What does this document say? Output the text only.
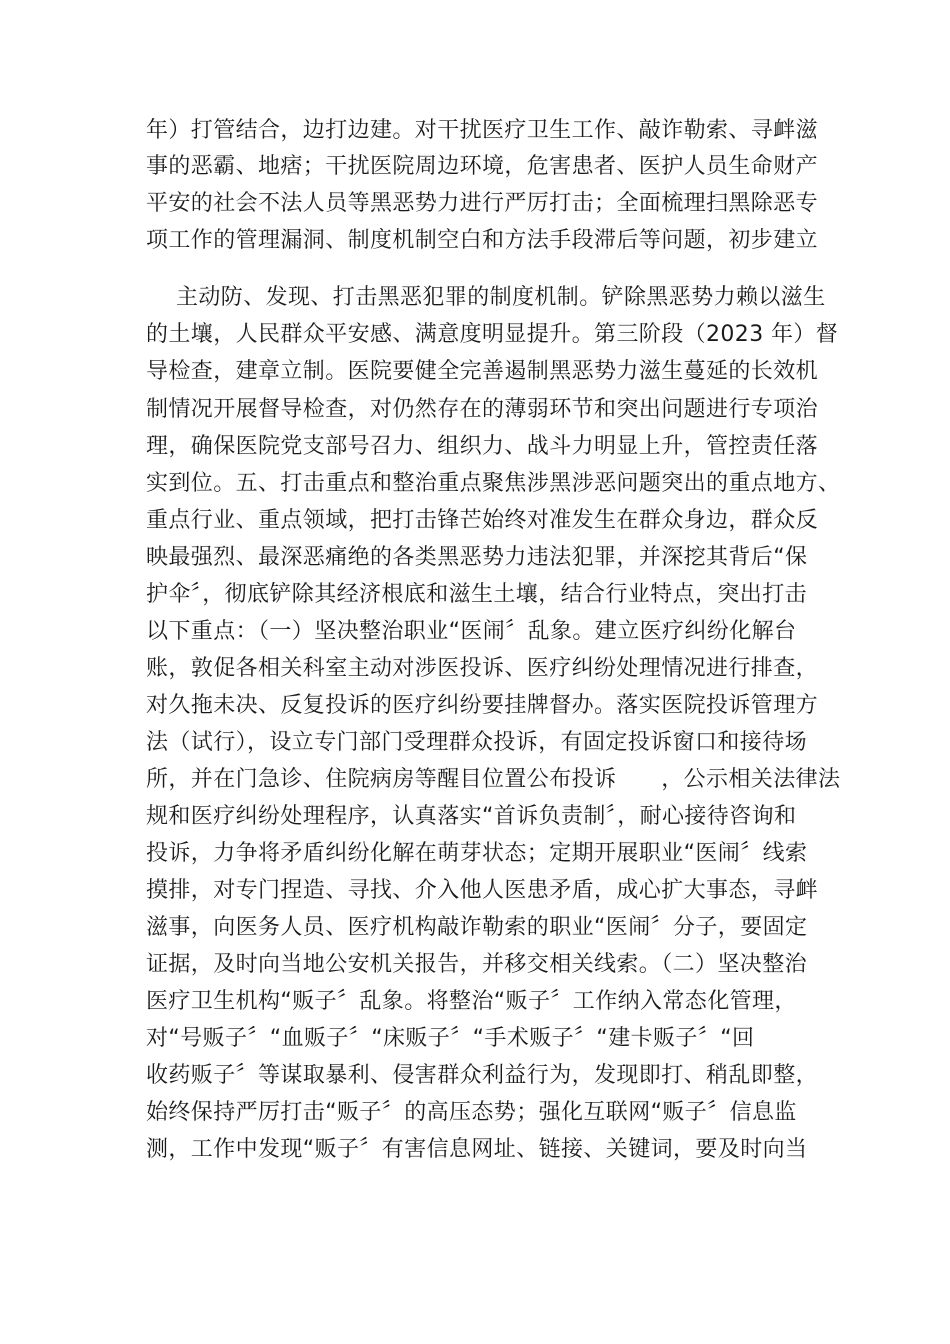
年）打管结合，边打边建。对干扰医疗卫生工作、敲诈勒索、寻衅滋
事的恶霸、地痞；干扰医院周边环境，危害患者、医护人员生命财产
平安的社会不法人员等黑恶势力进行严厉打击；全面梳理扫黑除恶专
项工作的管理漏洞、制度机制空白和方法手段滞后等问题，初步建立
主动防、发现、打击黑恶犯罪的制度机制。铲除黑恶势力赖以滋生
的土壤，人民群众平安感、满意度明显提升。第三阶段（2023 年）督
导检查，建章立制。医院要健全完善遏制黑恶势力滋生蔓延的长效机
制情况开展督导检查，对仍然存在的薄弱环节和突出问题进行专项治
理，确保医院党支部号召力、组织力、战斗力明显上升，管控责任落
实到位。五、打击重点和整治重点聚焦涉黑涉恶问题突出的重点地方、
重点行业、重点领域，把打击锋芒始终对准发生在群众身边，群众反
映最强烈、最深恶痛绝的各类黑恶势力违法犯罪，并深挖其背后“保
护伞〞，彻底铲除其经济根底和滋生土壤，结合行业特点，突出打击
以下重点：（一）坚决整治职业“医闹〞乱象。建立医疗纠纷化解台
账，敦促各相关科室主动对涉医投诉、医疗纠纷处理情况进行排查，
对久拖未决、反复投诉的医疗纠纷要挂牌督办。落实医院投诉管理方
法（试行），设立专门部门受理群众投诉，有固定投诉窗口和接待场
所，并在门急诊、住院病房等醒目位置公布投诉　　，公示相关法律法
规和医疗纠纷处理程序，认真落实“首诉负责制〞，耐心接待咨询和
投诉，力争将矛盾纠纷化解在萌芽状态；定期开展职业“医闹〞线索
摸排，对专门捏造、寻找、介入他人医患矛盾，成心扩大事态，寻衅
滋事，向医务人员、医疗机构敲诈勒索的职业“医闹〞分子，要固定
证据，及时向当地公安机关报告，并移交相关线索。（二）坚决整治
医疗卫生机构“贩子〞乱象。将整治“贩子〞工作纳入常态化管理，
对“号贩子〞“血贩子〞“床贩子〞“手术贩子〞“建卡贩子〞“回
收药贩子〞等谋取暴利、侵害群众利益行为，发现即打、稍乱即整，
始终保持严厉打击“贩子〞的高压态势；强化互联网“贩子〞信息监
测，工作中发现“贩子〞有害信息网址、链接、关键词，要及时向当
